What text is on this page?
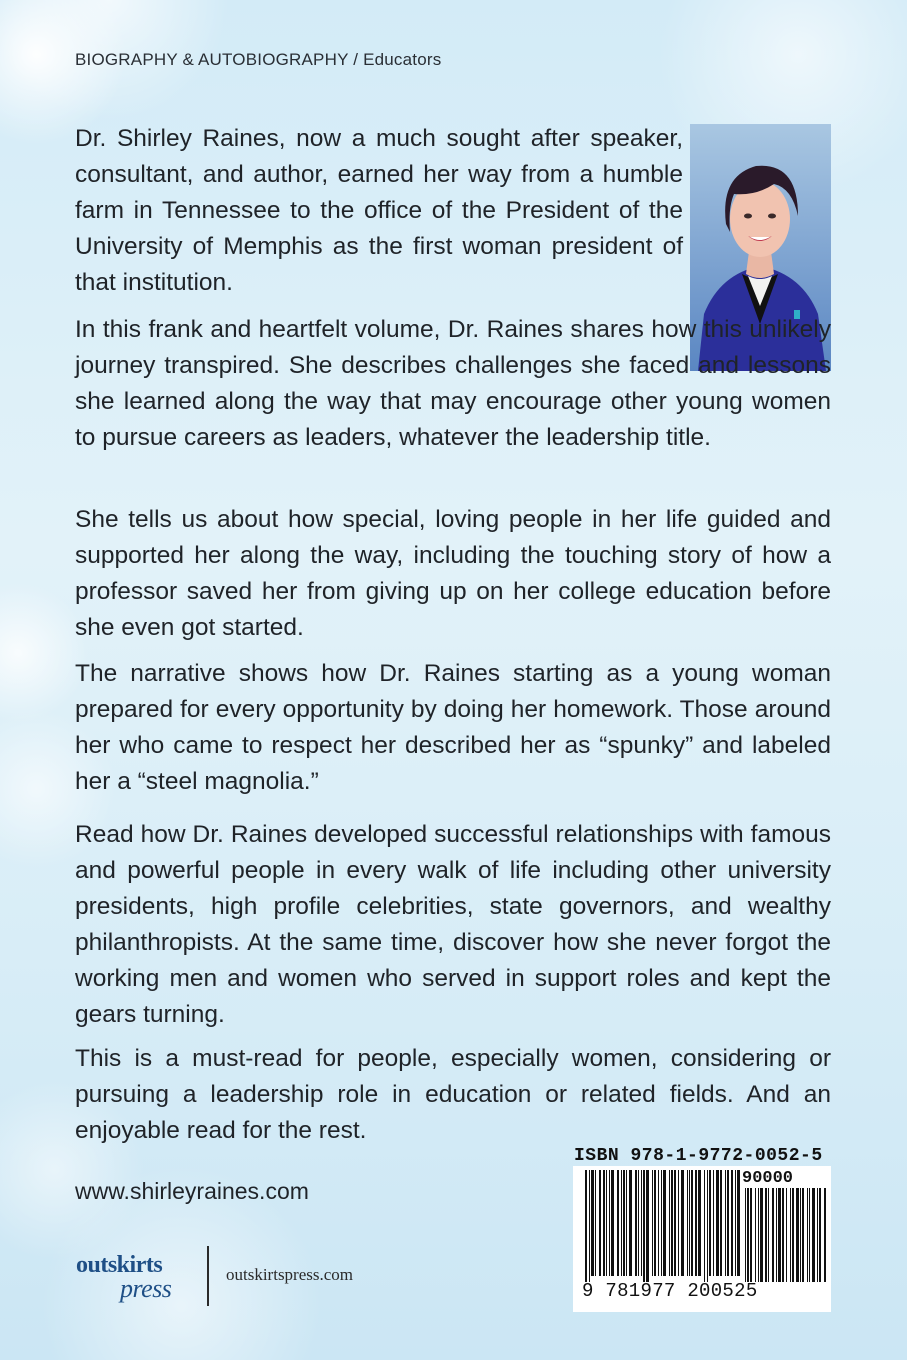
BIOGRAPHY & AUTOBIOGRAPHY / Educators

Dr. Shirley Raines, now a much sought after speaker, consultant, and author, earned her way from a humble farm in Tennessee to the office of the President of the University of Memphis as the first woman president of that institution.

In this frank and heartfelt volume, Dr. Raines shares how this unlikely journey transpired. She describes challenges she faced and lessons she learned along the way that may encourage other young women to pursue careers as leaders, whatever the leadership title.

She tells us about how special, loving people in her life guided and supported her along the way, including the touching story of how a professor saved her from giving up on her college education before she even got started.

The narrative shows how Dr. Raines starting as a young woman prepared for every opportunity by doing her homework. Those around her who came to respect her described her as “spunky” and labeled her a “steel magnolia.”

Read how Dr. Raines developed successful relationships with famous and powerful people in every walk of life including other university presidents, high profile celebrities, state governors, and wealthy philanthropists. At the same time, discover how she never forgot the working men and women who served in support roles and kept the gears turning.

This is a must-read for people, especially women, considering or pursuing a leadership role in education or related fields. And an enjoyable read for the rest.

www.shirleyraines.com
outskirts
press	outskirtspress.com
ISBN 978-1-9772-0052-5
90000
9 781977 200525
